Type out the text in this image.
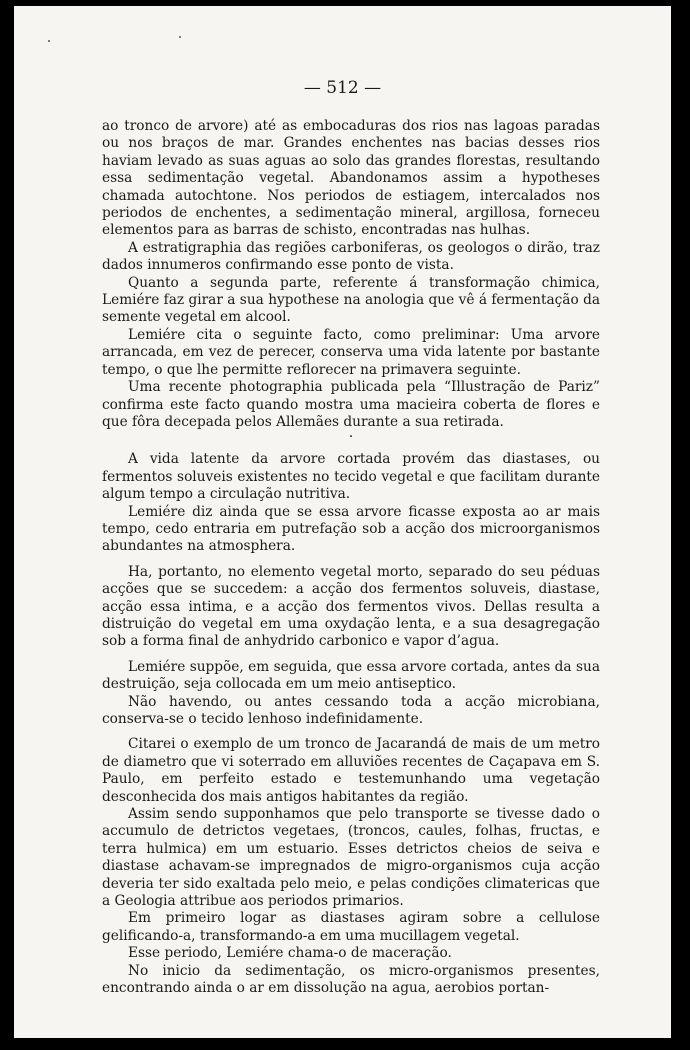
— 512 —

ao tronco de arvore) até as embocaduras dos rios nas lagoas paradas ou nos braços de mar. Grandes enchentes nas bacias desses rios haviam levado as suas aguas ao solo das grandes florestas, resultando essa sedimentação vegetal. Abandonamos assim a hypotheses chamada autochtone. Nos periodos de estiagem, intercalados nos periodos de enchentes, a sedimentação mineral, argillosa, forneceu elementos para as barras de schisto, encontradas nas hulhas.

A estratigraphia das regiões carboniferas, os geologos o dirão, traz dados innumeros confirmando esse ponto de vista.

Quanto a segunda parte, referente á transformação chimica, Lemiére faz girar a sua hypothese na anologia que vê á fermentação da semente vegetal em alcool.

Lemiére cita o seguinte facto, como preliminar: Uma arvore arrancada, em vez de perecer, conserva uma vida latente por bastante tempo, o que lhe permitte reflorecer na primavera seguinte.

Uma recente photographia publicada pela “Illustração de Pariz” confirma este facto quando mostra uma macieira coberta de flores e que fôra decepada pelos Allemães durante a sua retirada.

·

A vida latente da arvore cortada provém das diastases, ou fermentos soluveis existentes no tecido vegetal e que facilitam durante algum tempo a circulação nutritiva.

Lemiére diz ainda que se essa arvore ficasse exposta ao ar mais tempo, cedo entraria em putrefação sob a acção dos microorganismos abundantes na atmosphera.

Ha, portanto, no elemento vegetal morto, separado do seu péduas acções que se succedem: a acção dos fermentos soluveis, diastase, acção essa intima, e a acção dos fermentos vivos. Dellas resulta a distruição do vegetal em uma oxydação lenta, e a sua desagregação sob a forma final de anhydrido carbonico e vapor d’agua.

Lemiére suppõe, em seguida, que essa arvore cortada, antes da sua destruição, seja collocada em um meio antiseptico.

Não havendo, ou antes cessando toda a acção microbiana, conserva-se o tecido lenhoso indefinidamente.

Citarei o exemplo de um tronco de Jacarandá de mais de um metro de diametro que vi soterrado em alluviões recentes de Caçapava em S. Paulo, em perfeito estado e testemunhando uma vegetação desconhecida dos mais antigos habitantes da região.

Assim sendo supponhamos que pelo transporte se tivesse dado o accumulo de detrictos vegetaes, (troncos, caules, folhas, fructas, e terra hulmica) em um estuario. Esses detrictos cheios de seiva e diastase achavam-se impregnados de migro-organismos cuja acção deveria ter sido exaltada pelo meio, e pelas condições climatericas que a Geologia attribue aos periodos primarios.

Em primeiro logar as diastases agiram sobre a cellulose gelificando-a, transformando-a em uma mucillagem vegetal.

Esse periodo, Lemiére chama-o de maceração.

No inicio da sedimentação, os micro-organismos presentes, encontrando ainda o ar em dissolução na agua, aerobios portan-
